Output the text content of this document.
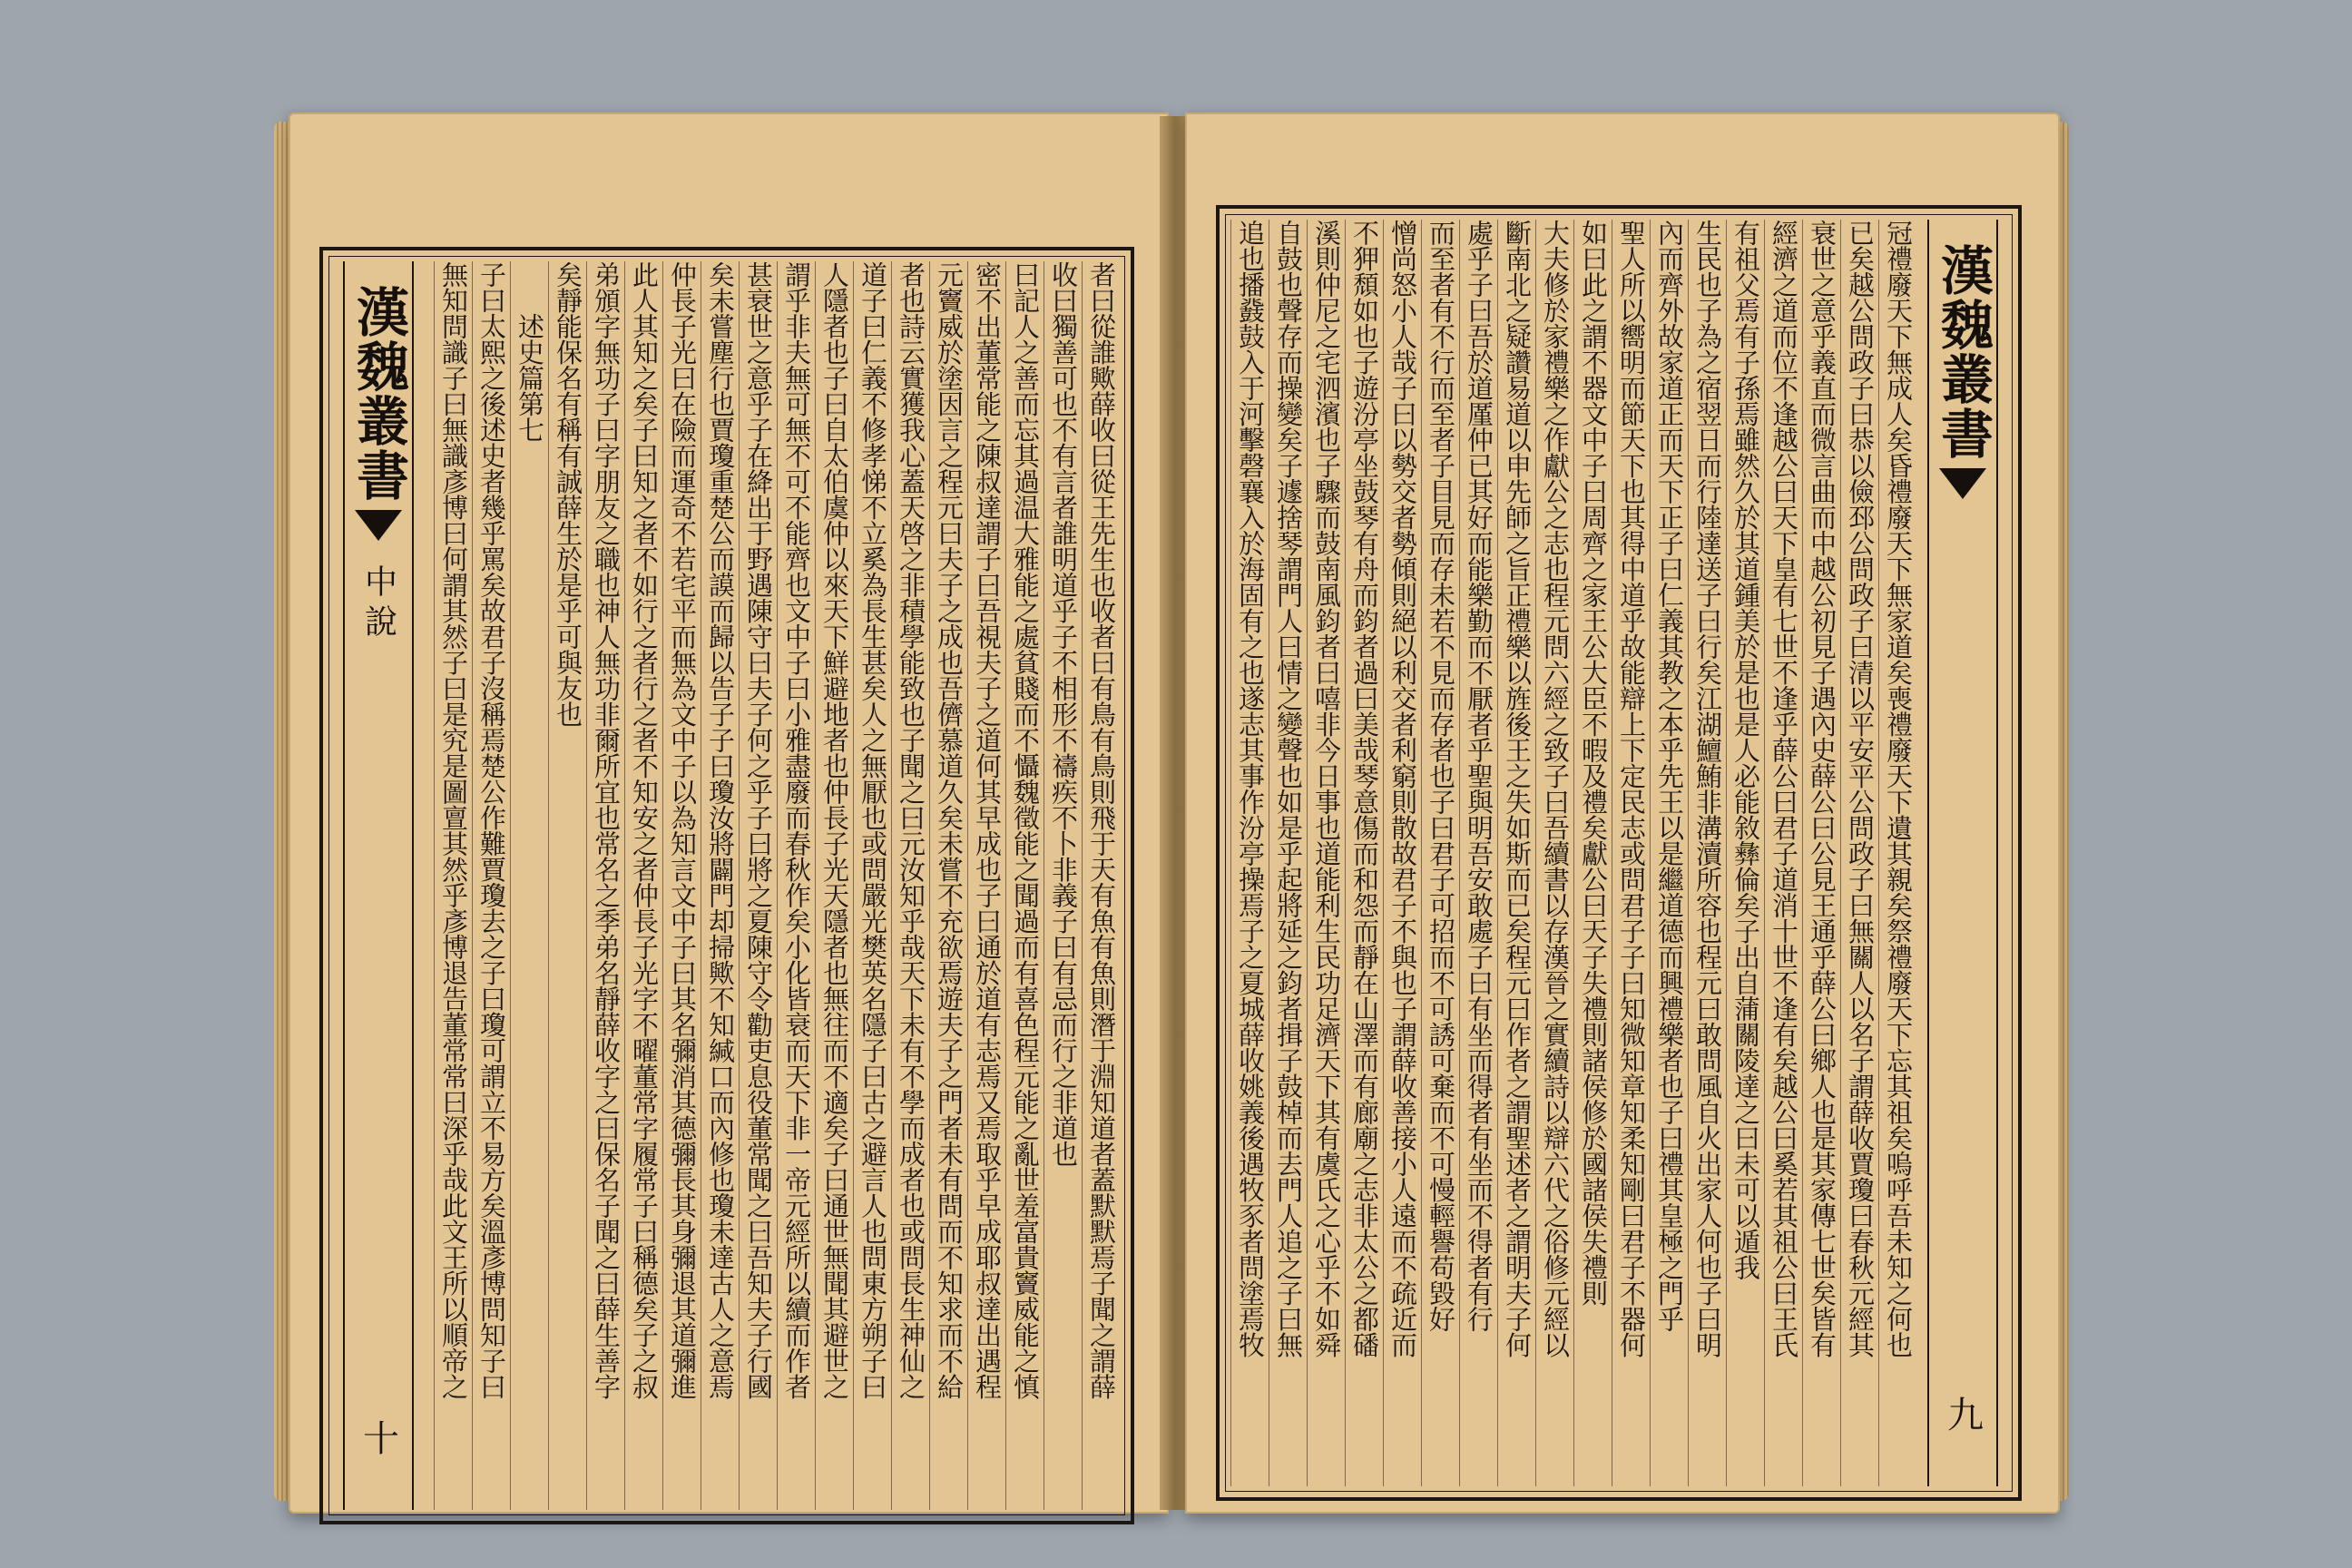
漢魏叢書
中說
十
者曰從誰歟薛收曰從王先生也收者曰有鳥有鳥則飛于天有魚有魚則潛于淵知道者蓋默默焉子聞之謂薛
收曰獨善可也不有言者誰明道乎子不相形不禱疾不卜非義子曰有忌而行之非道也
曰記人之善而忘其過温大雅能之處貧賤而不懾魏徵能之聞過而有喜色程元能之亂世羞富貴竇威能之慎
密不出董常能之陳叔達謂子曰吾視夫子之道何其早成也子曰通於道有志焉又焉取乎早成耶叔達出遇程
元竇威於塗因言之程元曰夫子之成也吾儕慕道久矣未嘗不充欲焉遊夫子之門者未有問而不知求而不給
者也詩云實獲我心蓋天啓之非積學能致也子聞之曰元汝知乎哉天下未有不學而成者也或問長生神仙之
道子曰仁義不修孝悌不立奚為長生甚矣人之無厭也或問嚴光樊英名隱子曰古之避言人也問東方朔子曰
人隱者也子曰自太伯虞仲以來天下鮮避地者也仲長子光天隱者也無往而不適矣子曰通世無聞其避世之
謂乎非夫無可無不可不能齊也文中子曰小雅盡廢而春秋作矣小化皆衰而天下非一帝元經所以續而作者
甚衰世之意乎子在絳出于野遇陳守曰夫子何之乎子曰將之夏陳守令勸吏息役董常聞之曰吾知夫子行國
矣未嘗塵行也賈瓊重楚公而謨而歸以告子子曰瓊汝將闢門却掃歟不知緘口而內修也瓊未達古人之意焉
仲長子光曰在險而運奇不若宅平而無為文中子以為知言文中子曰其名彌消其德彌長其身彌退其道彌進
此人其知之矣子曰知之者不如行之者行之者不知安之者仲長子光字不曜董常字履常子曰稱德矣子之叔
弟頒字無功子曰字朋友之職也神人無功非爾所宜也常名之季弟名靜薛收字之曰保名子聞之曰薛生善字
矣靜能保名有稱有誠薛生於是乎可與友也
　　述史篇第七
子曰太熙之後述史者幾乎罵矣故君子沒稱焉楚公作難賈瓊去之子曰瓊可謂立不易方矣溫彥博問知子曰
無知問識子曰無識彥博曰何謂其然子曰是究是圖亶其然乎彥博退告董常常曰深乎哉此文王所以順帝之	漢魏叢書
九
冠禮廢天下無成人矣昏禮廢天下無家道矣喪禮廢天下遺其親矣祭禮廢天下忘其祖矣嗚呼吾未知之何也
已矣越公問政子曰恭以儉邳公問政子曰清以平安平公問政子曰無關人以名子謂薛收賈瓊曰春秋元經其
衰世之意乎義直而微言曲而中越公初見子遇內史薛公曰公見王通乎薛公曰鄉人也是其家傳七世矣皆有
經濟之道而位不逢越公曰天下皇有七世不逢乎薛公曰君子道消十世不逢有矣越公曰奚若其祖公曰王氏
有祖父焉有子孫焉雖然久於其道鍾美於是也是人必能敘彝倫矣子出自蒲關陵達之曰未可以遁我
生民也子為之宿翌日而行陸達送子曰行矣江湖鱣鮪非溝瀆所容也程元曰敢問風自火出家人何也子曰明
內而齊外故家道正而天下正子曰仁義其教之本乎先王以是繼道德而興禮樂者也子曰禮其皇極之門乎
聖人所以嚮明而節天下也其得中道乎故能辯上下定民志或問君子子曰知微知章知柔知剛曰君子不器何
如曰此之謂不器文中子曰周齊之家王公大臣不暇及禮矣獻公曰天子失禮則諸侯修於國諸侯失禮則
大夫修於家禮樂之作獻公之志也程元問六經之致子曰吾續書以存漢晉之實續詩以辯六代之俗修元經以
斷南北之疑讚易道以申先師之旨正禮樂以旌後王之失如斯而已矣程元曰作者之謂聖述者之謂明夫子何
處乎子曰吾於道厪仲已其好而能樂勤而不厭者乎聖與明吾安敢處子曰有坐而得者有坐而不得者有行
而至者有不行而至者子目見而存未若不見而存者也子曰君子可招而不可誘可棄而不可慢輕譽苟毀好
憎尚怒小人哉子曰以勢交者勢傾則絕以利交者利窮則散故君子不與也子謂薛收善接小人遠而不疏近而
不狎頹如也子遊汾亭坐鼓琴有舟而鈞者過曰美哉琴意傷而和怨而靜在山澤而有廊廟之志非太公之都磻
溪則仲尼之宅泗濱也子驟而鼓南風鈞者曰嘻非今日事也道能利生民功足濟天下其有虞氏之心乎不如舜
自鼓也聲存而操變矣子遽捨琴謂門人曰情之變聲也如是乎起將延之鈞者揖子鼓棹而去門人追之子曰無
追也播鼗鼓入于河擊磬襄入於海固有之也遂志其事作汾亭操焉子之夏城薛收姚義後遇牧豕者問塗焉牧
